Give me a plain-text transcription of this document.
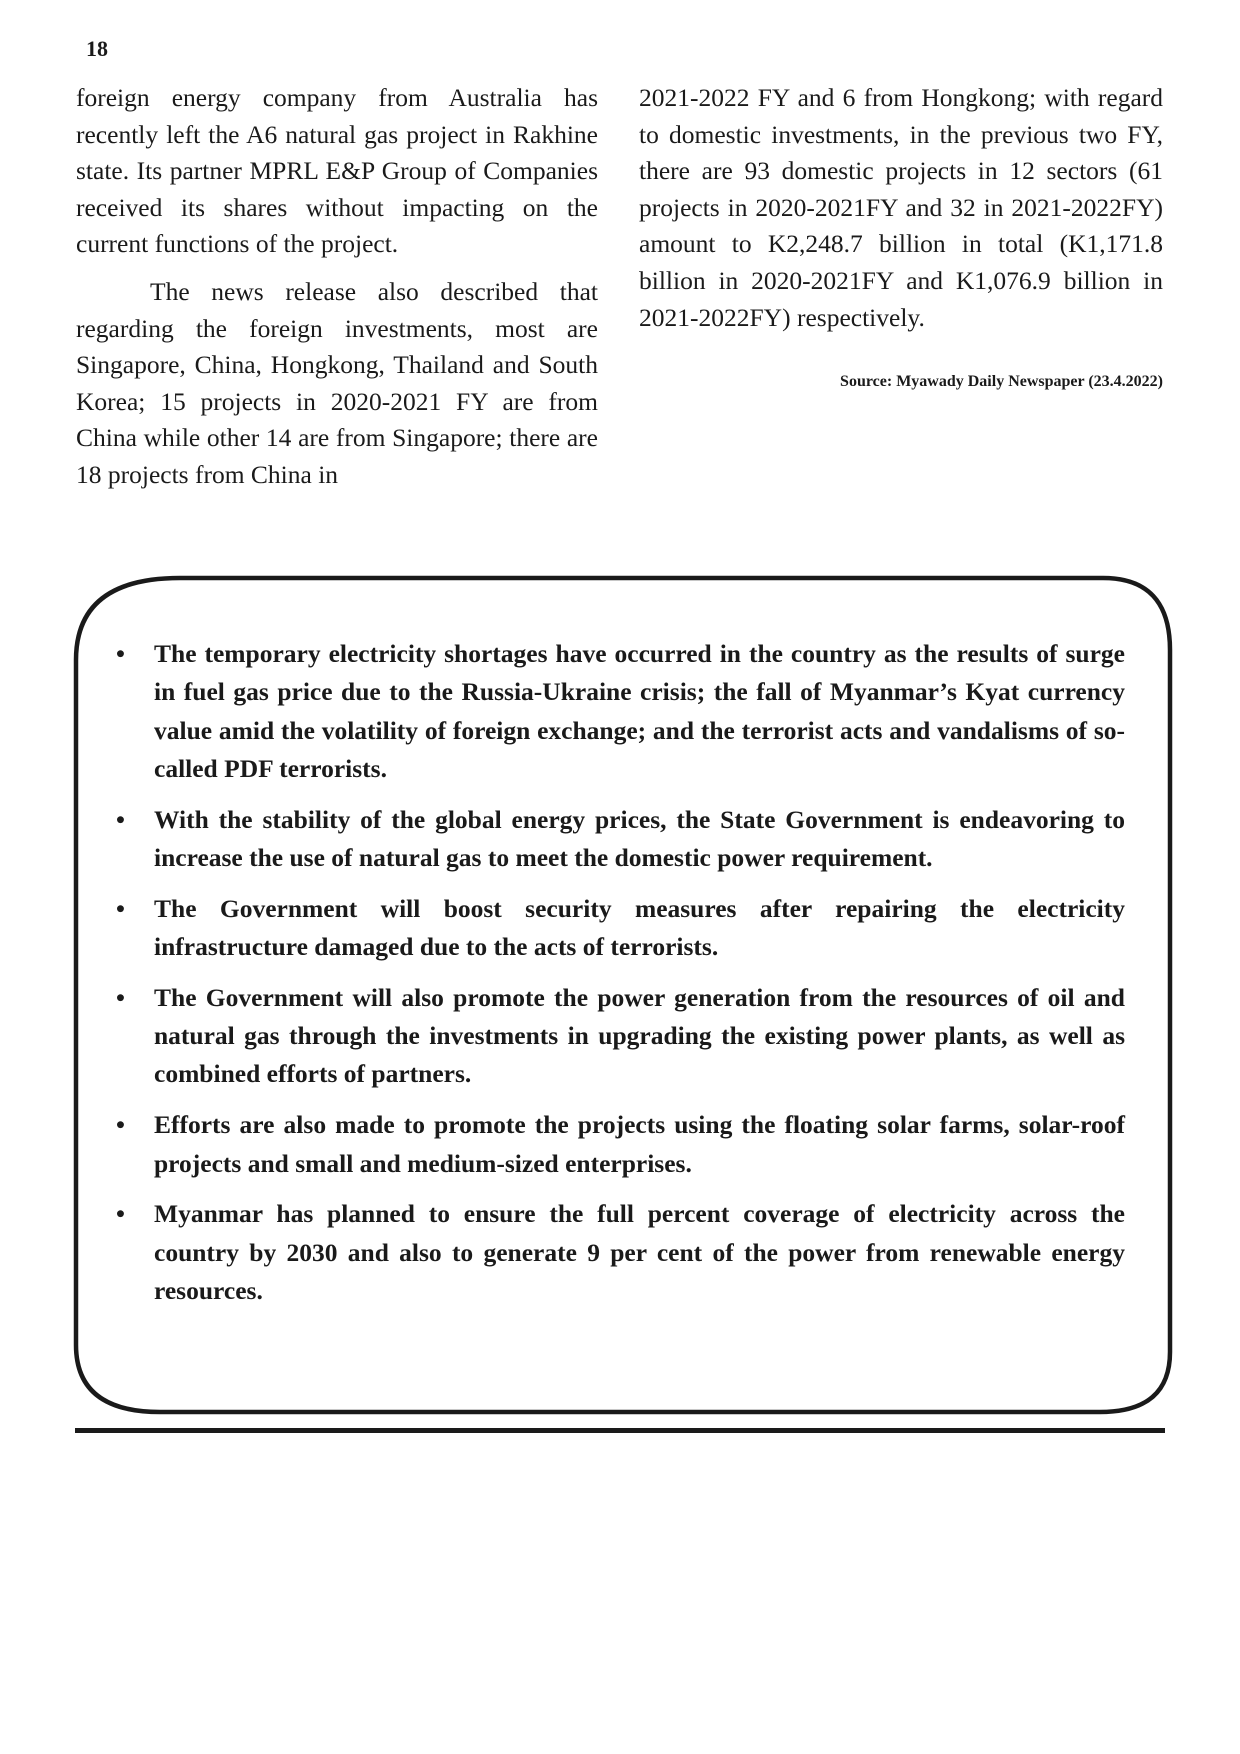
18

foreign energy company from Australia has recently left the A6 natural gas project in Rakhine state. Its partner MPRL E&P Group of Companies received its shares without impacting on the current functions of the project.

The news release also described that regarding the foreign investments, most are Singapore, China, Hongkong, Thailand and South Korea; 15 projects in 2020-2021 FY are from China while other 14 are from Singapore; there are 18 projects from China in

2021-2022 FY and 6 from Hongkong; with regard to domestic investments, in the previous two FY, there are 93 domestic projects in 12 sectors (61 projects in 2020-2021FY and 32 in 2021-2022FY) amount to K2,248.7 billion in total (K1,171.8 billion in 2020-2021FY and K1,076.9 billion in 2021-2022FY) respectively.

Source: Myawady Daily Newspaper (23.4.2022)
• The temporary electricity shortages have occurred in the country as the results of surge in fuel gas price due to the Russia-Ukraine crisis; the fall of Myanmar’s Kyat currency value amid the volatility of foreign exchange; and the terrorist acts and vandalisms of so-called PDF terrorists.
• With the stability of the global energy prices, the State Government is endeavoring to increase the use of natural gas to meet the domestic power requirement.
• The Government will boost security measures after repairing the electricity infrastructure damaged due to the acts of terrorists.
• The Government will also promote the power generation from the resources of oil and natural gas through the investments in upgrading the existing power plants, as well as combined efforts of partners.
• Efforts are also made to promote the projects using the floating solar farms, solar-roof projects and small and medium-sized enterprises.
• Myanmar has planned to ensure the full percent coverage of electricity across the country by 2030 and also to generate 9 per cent of the power from renewable energy resources.
